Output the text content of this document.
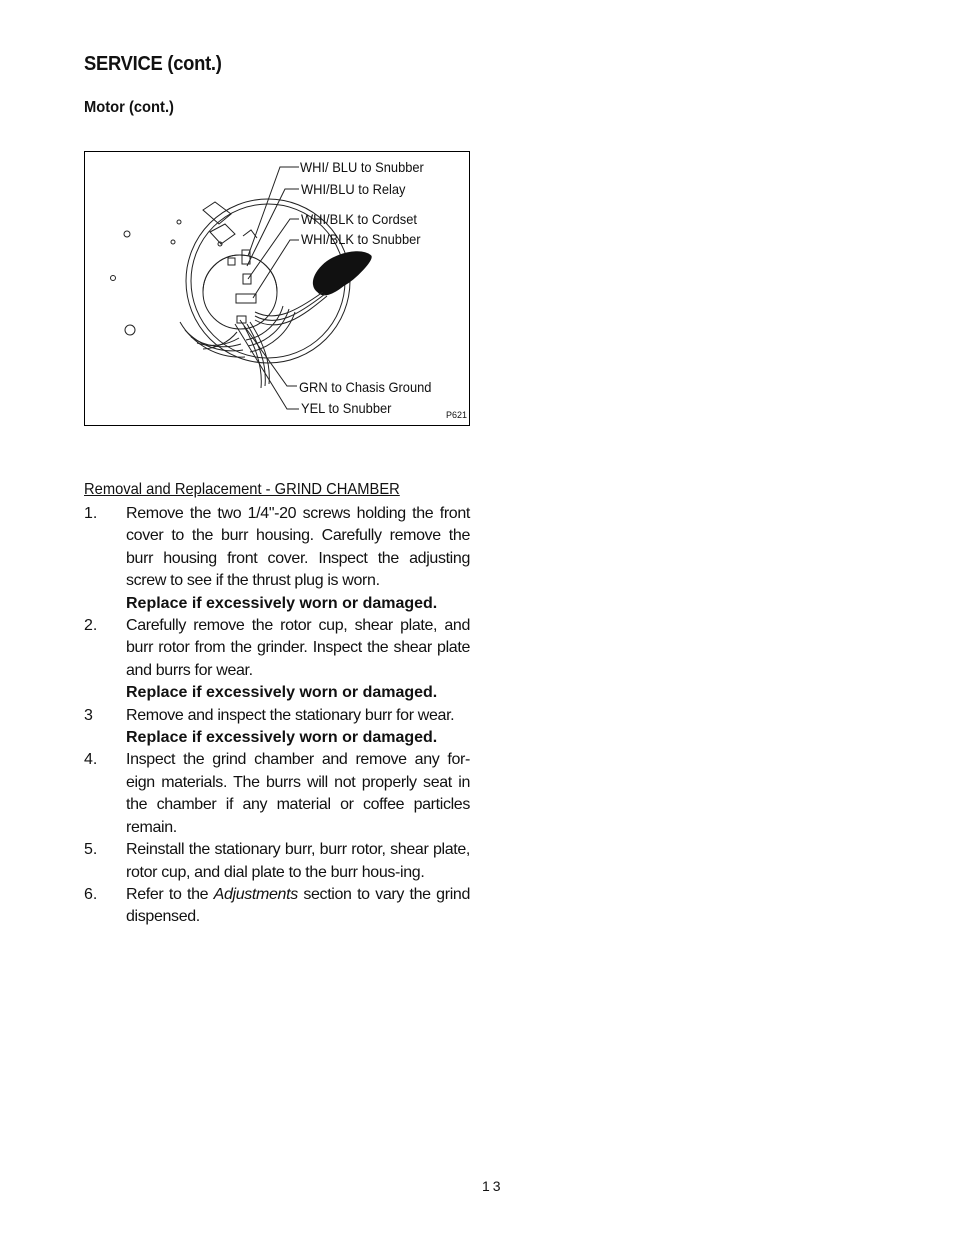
SERVICE (cont.)
Motor (cont.)
WHI/ BLU to Snubber
WHI/BLU to Relay
WHI/BLK to Cordset
WHI/BLK to Snubber
GRN to Chasis Ground
YEL to Snubber	P621
Removal and Replacement - GRIND CHAMBER
1.	Remove the two 1/4"-20 screws holding the front cover to the burr housing. Carefully remove the burr housing front cover. Inspect the adjusting screw to see if the thrust plug is worn.
Replace if excessively worn or damaged.
2.	Carefully remove the rotor cup, shear plate, and burr rotor from the grinder. Inspect the shear plate and burrs for wear.
Replace if excessively worn or damaged.
3	Remove and inspect the stationary burr for wear.
Replace if excessively worn or damaged.
4.	Inspect the grind chamber and remove any for-eign materials. The burrs will not properly seat in the chamber if any material or coffee particles remain.
5.	Reinstall the stationary burr, burr rotor, shear plate, rotor cup, and dial plate to the burr hous-ing.
6.	Refer to the Adjustments section to vary the grind dispensed.
13
